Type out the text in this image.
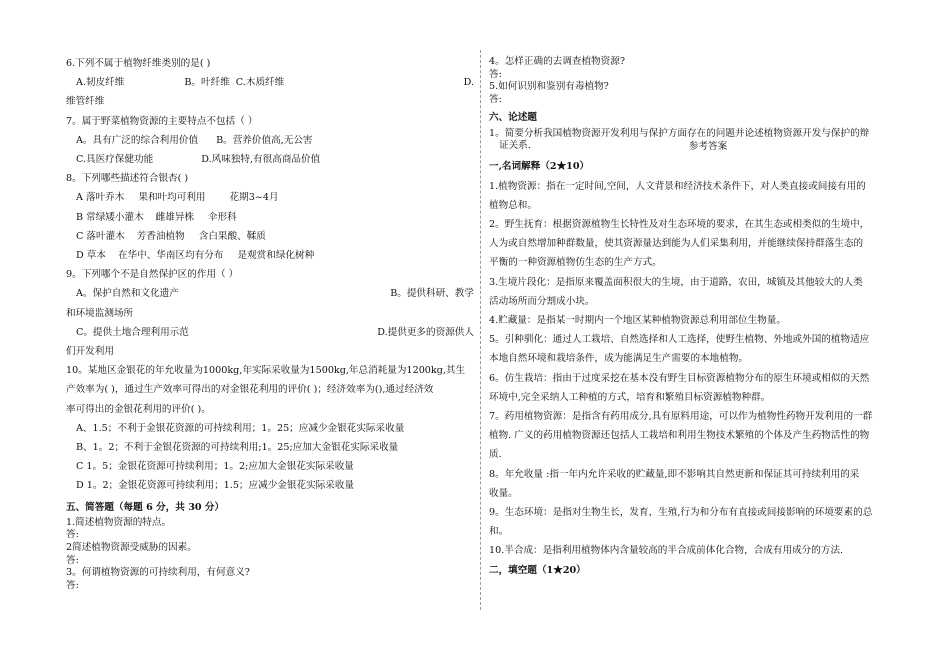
6.下列不属于植物纤维类别的是( )
A.韧皮纤维	B。叶纤维 C.木质纤维	D.
维管纤维
7。属于野菜植物资源的主要特点不包括（ ）
A。具有广泛的综合利用价值 B。营养价值高,无公害
C.具医疗保健功能	D.风味独特,有很高商品价值
8。下列哪些描述符合银杏( )
A 落叶乔木 果和叶均可利用	花期3~4月
B 常绿矮小灌木 雌雄异株 伞形科
C 落叶灌木 芳香油植物 含白果酸、鞣质
D 草本 在华中、华南区均有分布 是观赏和绿化树种
9。下列哪个不是自然保护区的作用（ ）
A。保护自然和文化遗产	B。提供科研、教学
和环境监测场所
C。提供土地合理利用示范	D.提供更多的资源供人
们开发利用
10。某地区金银花的年允收量为1000kg,年实际采收量为1500kg,年总消耗量为1200kg,其生
产效率为( )，通过生产效率可得出的对金银花利用的评价( )；经济效率为(),通过经济效
率可得出的金银花利用的评价( )。
A、1.5；不利于金银花资源的可持续利用；1。25；应减少金银花实际采收量
B、1。2；不利于金银花资源的可持续利用;1。25;应加大金银花实际采收量
C 1。5；金银花资源可持续利用；1。2;应加大金银花实际采收量
D 1。2；金银花资源可持续利用；1.5；应减少金银花实际采收量
五、简答题（每题 6 分，共 30 分）
1.简述植物资源的特点。
答:
2简述植物资源受威胁的因素。
答:
3。何谓植物资源的可持续利用，有何意义?
答:
4。怎样正确的去调查植物资源?
答:
5.如何识别和鉴别有毒植物?
答:
六、论述题
1。简要分析我国植物资源开发利用与保护方面存在的问题并论述植物资源开发与保护的辩
证关系.	参考答案
一,名词解释（2★10）
1.植物资源：指在一定时间,空间，人文背景和经济技术条件下，对人类直接或间接有用的
植物总和。
2。野生抚育：根据资源植物生长特性及对生态环境的要求，在其生态或相类似的生境中，
人为或自然增加种群数量，使其资源量达到能为人们采集利用，并能继续保持群落生态的
平衡的一种资源植物仿生态的生产方式。
3.生境片段化：是指原来覆盖面积很大的生境，由于道路，农田，城镇及其他较大的人类
活动场所而分割成小块。
4.贮藏量：是指某一时期内一个地区某种植物资源总利用部位生物量。
5。引种驯化：通过人工栽培、自然选择和人工选择，使野生植物、外地或外国的植物适应
本地自然环境和栽培条件，成为能满足生产需要的本地植物。
6。仿生栽培：指由于过度采挖在基本没有野生目标资源植物分布的原生环境或相似的天然
环境中,完全采纳人工种植的方式，培育和繁殖目标资源植物种群。
7。药用植物资源：是指含有药用成分,具有原料用途，可以作为植物性药物开发利用的一群
植物. 广义的药用植物资源还包括人工栽培和利用生物技术繁殖的个体及产生药物活性的物
质.
8。年允收量 :指一年内允许采收的贮藏量,即不影响其自然更新和保证其可持续利用的采
收量。
9。生态环境：是指对生物生长，发育，生殖,行为和分布有直接或间接影响的环境要素的总
和。
10.半合成：是指利用植物体内含量较高的半合成前体化合物，合成有用成分的方法.
二，填空题（1★20）
